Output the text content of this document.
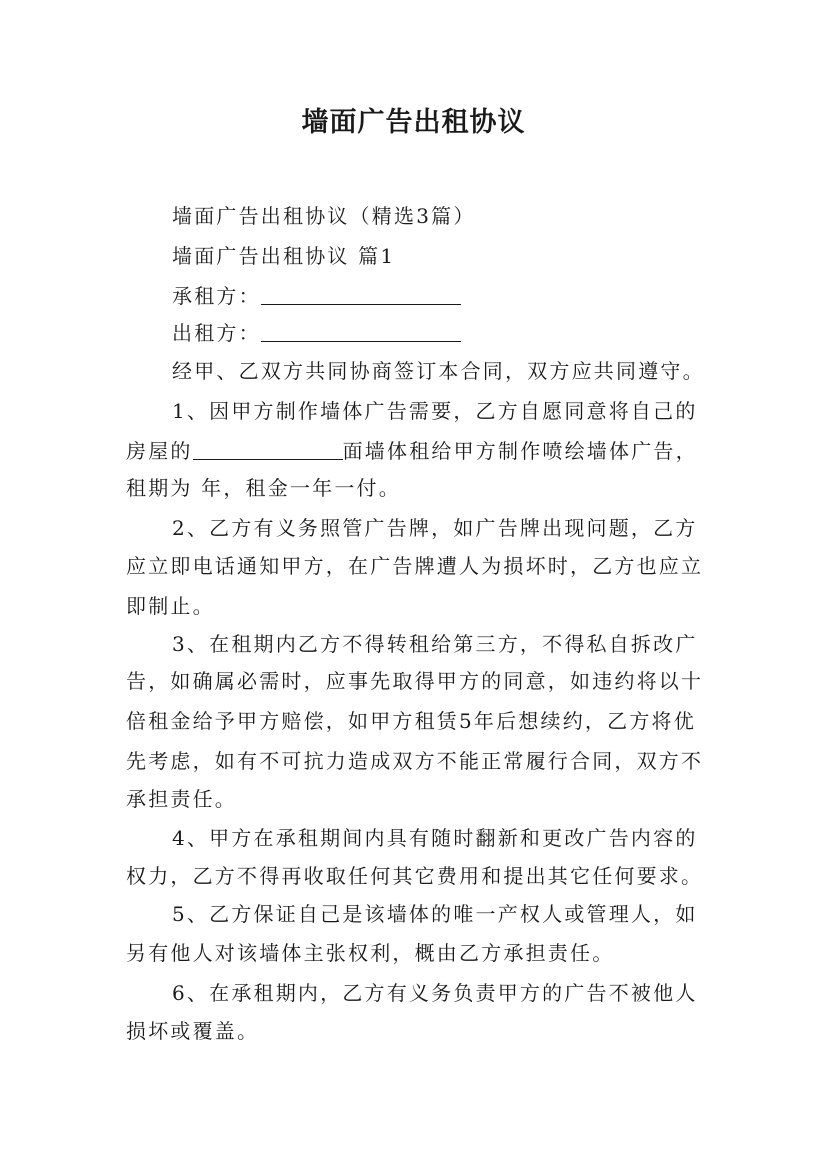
墙面广告出租协议
墙面广告出租协议（精选3篇）
墙面广告出租协议 篇1
承租方：
出租方：
经甲、乙双方共同协商签订本合同，双方应共同遵守。
1、因甲方制作墙体广告需要，乙方自愿同意将自己的
房屋的	面墙体租给甲方制作喷绘墙体广告，
租期为 年，租金一年一付。
2、乙方有义务照管广告牌，如广告牌出现问题，乙方
应立即电话通知甲方，在广告牌遭人为损坏时，乙方也应立
即制止。
3、在租期内乙方不得转租给第三方，不得私自拆改广
告，如确属必需时，应事先取得甲方的同意，如违约将以十
倍租金给予甲方赔偿，如甲方租赁5年后想续约，乙方将优
先考虑，如有不可抗力造成双方不能正常履行合同，双方不
承担责任。
4、甲方在承租期间内具有随时翻新和更改广告内容的
权力，乙方不得再收取任何其它费用和提出其它任何要求。
5、乙方保证自己是该墙体的唯一产权人或管理人，如
另有他人对该墙体主张权利，概由乙方承担责任。
6、在承租期内，乙方有义务负责甲方的广告不被他人
损坏或覆盖。
